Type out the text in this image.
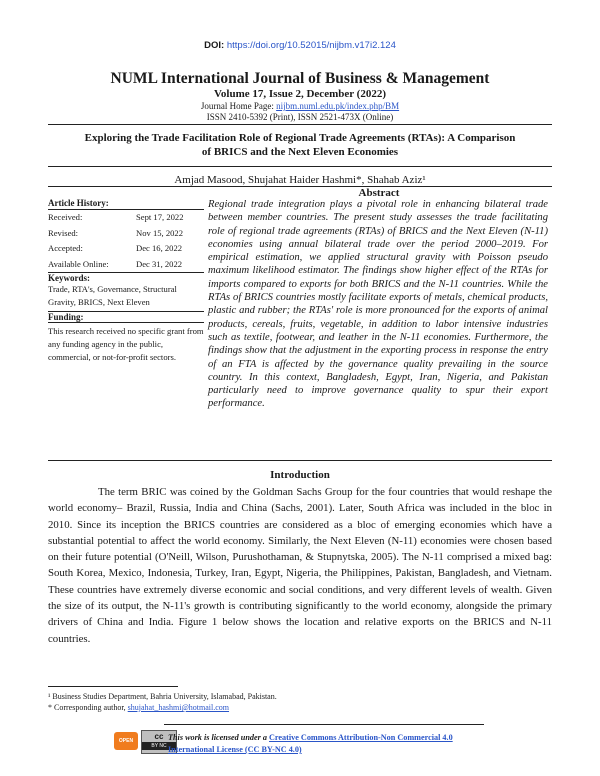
DOI: https://doi.org/10.52015/nijbm.v17i2.124
NUML International Journal of Business & Management
Volume 17, Issue 2, December (2022)
Journal Home Page: nijbm.numl.edu.pk/index.php/BM
ISSN 2410-5392 (Print), ISSN 2521-473X (Online)
Exploring the Trade Facilitation Role of Regional Trade Agreements (RTAs): A Comparison
of BRICS and the Next Eleven Economies
Amjad Masood, Shujahat Haider Hashmi*, Shahab Aziz¹
Abstract
Regional trade integration plays a pivotal role in enhancing bilateral trade between member countries. The present study assesses the trade facilitating role of regional trade agreements (RTAs) of BRICS and the Next Eleven (N-11) economies using annual bilateral trade over the period 2000–2019. For empirical estimation, we applied structural gravity with Poisson pseudo maximum likelihood estimator. The findings show higher effect of the RTAs for imports compared to exports for both BRICS and the N-11 countries. While the RTAs of BRICS countries mostly facilitate exports of metals, chemical products, plastic and rubber; the RTAs' role is more pronounced for the exports of animal products, cereals, fruits, vegetable, in addition to labor intensive industries such as textile, footwear, and leather in the N-11 economies. Furthermore, the findings show that the adjustment in the exporting process in response the entry of an FTA is affected by the governance quality prevailing in the source country. In this context, Bangladesh, Egypt, Iran, Nigeria, and Pakistan particularly need to improve governance quality to spur their export performance.
Article History:
Received:	Sept 17, 2022
Revised:	Nov 15, 2022
Accepted:	Dec 16, 2022
Available Online:	Dec 31, 2022
Keywords:
Trade, RTA's, Governance, Structural Gravity, BRICS, Next Eleven
Funding:
This research received no specific grant from any funding agency in the public, commercial, or not-for-profit sectors.
Introduction
The term BRIC was coined by the Goldman Sachs Group for the four countries that would reshape the world economy– Brazil, Russia, India and China (Sachs, 2001). Later, South Africa was included in the bloc in 2010. Since its inception the BRICS countries are considered as a bloc of emerging economies which have a substantial potential to affect the world economy. Similarly, the Next Eleven (N-11) economies were chosen based on their future potential (O'Neill, Wilson, Purushothaman, & Stupnytska, 2005). The N-11 comprised a mixed bag: South Korea, Mexico, Indonesia, Turkey, Iran, Egypt, Nigeria, the Philippines, Pakistan, Bangladesh, and Vietnam. These countries have extremely diverse economic and social conditions, and very different levels of wealth. Given the size of its output, the N-11's growth is contributing significantly to the world economy, alongside the primary drivers of China and India. Figure 1 below shows the location and relative exports on the BRICS and N-11 countries.
¹ Business Studies Department, Bahria University, Islamabad, Pakistan.
* Corresponding author, shujahat_hashmi@hotmail.com
OPEN ACCESS
cc
BY NC
This work is licensed under a Creative Commons Attribution-Non Commercial 4.0
International License (CC BY-NC 4.0)
